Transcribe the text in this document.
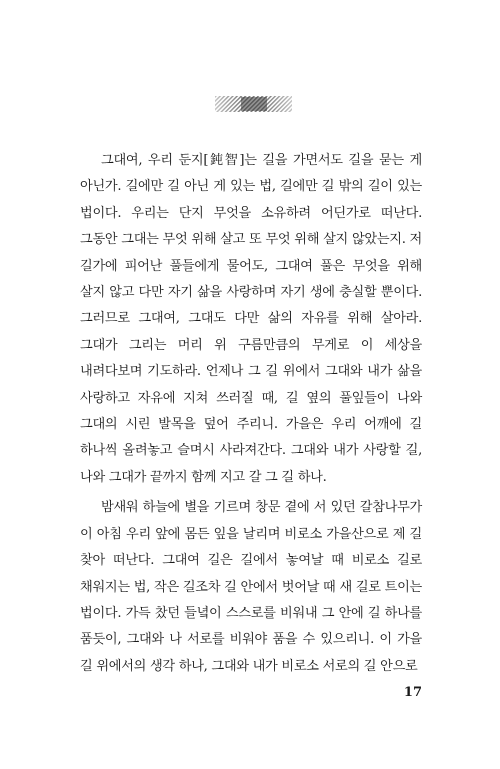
그대여, 우리 둔지[鈍智]는 길을 가면서도 길을 묻는 게 아닌가. 길에만 길 아닌 게 있는 법, 길에만 길 밖의 길이 있는 법이다. 우리는 단지 무엇을 소유하려 어딘가로 떠난다. 그동안 그대는 무엇 위해 살고 또 무엇 위해 살지 않았는지. 저 길가에 피어난 풀들에게 물어도, 그대여 풀은 무엇을 위해 살지 않고 다만 자기 삶을 사랑하며 자기 생에 충실할 뿐이다. 그러므로 그대여, 그대도 다만 삶의 자유를 위해 살아라. 그대가 그리는 머리 위 구름만큼의 무게로 이 세상을 내려다보며 기도하라. 언제나 그 길 위에서 그대와 내가 삶을 사랑하고 자유에 지쳐 쓰러질 때, 길 옆의 풀잎들이 나와 그대의 시린 발목을 덮어 주리니. 가을은 우리 어깨에 길 하나씩 올려놓고 슬며시 사라져간다. 그대와 내가 사랑할 길, 나와 그대가 끝까지 함께 지고 갈 그 길 하나.

밤새워 하늘에 별을 기르며 창문 곁에 서 있던 갈참나무가 이 아침 우리 앞에 몸든 잎을 날리며 비로소 가을산으로 제 길 찾아 떠난다. 그대여 길은 길에서 놓여날 때 비로소 길로 채워지는 법, 작은 길조차 길 안에서 벗어날 때 새 길로 트이는 법이다. 가득 찼던 들녘이 스스로를 비워내 그 안에 길 하나를 품듯이, 그대와 나 서로를 비워야 품을 수 있으리니. 이 가을 길 위에서의 생각 하나, 그대와 내가 비로소 서로의 길 안으로

17
